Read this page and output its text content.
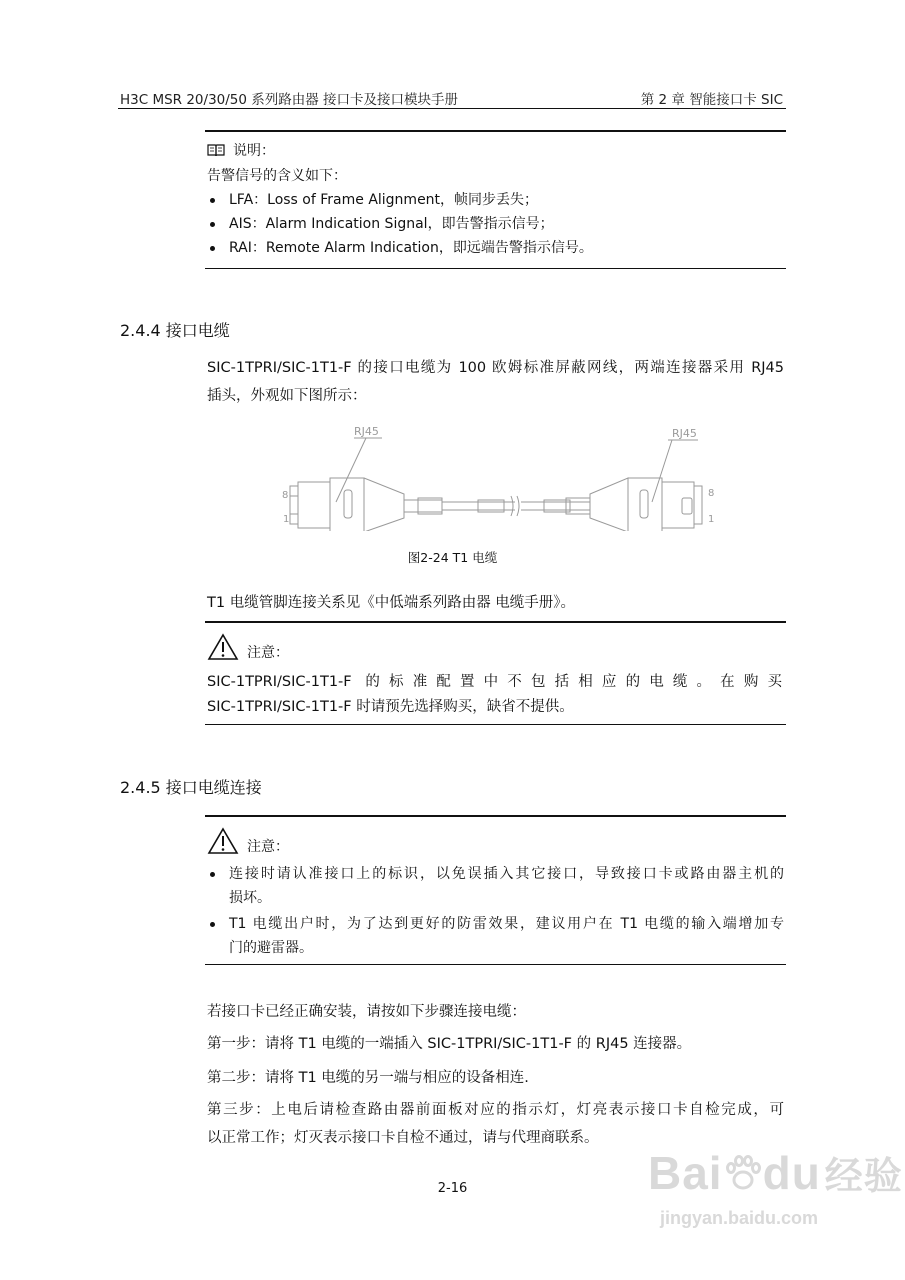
H3C MSR 20/30/50 系列路由器 接口卡及接口模块手册	第 2 章 智能接口卡 SIC
说明：
告警信号的含义如下：
LFA：Loss of Frame Alignment，帧同步丢失；
AIS：Alarm Indication Signal，即告警指示信号；
RAI：Remote Alarm Indication，即远端告警指示信号。
2.4.4 接口电缆
SIC-1TPRI/SIC-1T1-F 的接口电缆为 100 欧姆标准屏蔽网线，两端连接器采用 RJ45
插头，外观如下图所示：
RJ45	RJ45
8
1
8
1
图2-24 T1 电缆
T1 电缆管脚连接关系见《中低端系列路由器 电缆手册》。
注意：
SIC-1TPRI/SIC-1T1-F 的标准配置中不包括相应的电缆。在购买
SIC-1TPRI/SIC-1T1-F 时请预先选择购买，缺省不提供。
2.4.5 接口电缆连接
注意：
连接时请认准接口上的标识，以免误插入其它接口，导致接口卡或路由器主机的
损坏。
T1 电缆出户时，为了达到更好的防雷效果，建议用户在 T1 电缆的输入端增加专
门的避雷器。
若接口卡已经正确安装，请按如下步骤连接电缆：
第一步：请将 T1 电缆的一端插入 SIC-1TPRI/SIC-1T1-F 的 RJ45 连接器。
第二步：请将 T1 电缆的另一端与相应的设备相连.
第三步：上电后请检查路由器前面板对应的指示灯，灯亮表示接口卡自检完成，可
以正常工作；灯灭表示接口卡自检不通过，请与代理商联系。
2-16	Bai du 经验
jingyan.baidu.com
